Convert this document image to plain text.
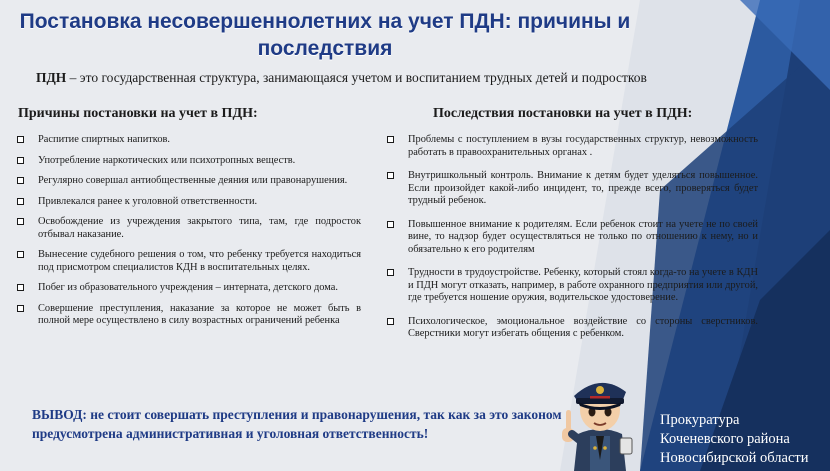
Постановка несовершеннолетних на учет ПДН: причины и последствия
ПДН – это государственная структура, занимающаяся учетом и воспитанием трудных детей и подростков
Причины постановки на учет в ПДН:	Последствия постановки на учет в ПДН:
Распитие спиртных напитков.
Употребление наркотических или психотропных веществ.
Регулярно совершал антиобщественные деяния или правонарушения.
Привлекался ранее к уголовной ответственности.
Освобождение из учреждения закрытого типа, там, где подросток отбывал наказание.
Вынесение судебного решения о том, что ребенку требуется находиться под присмотром специалистов КДН в воспитательных целях.
Побег из образовательного учреждения – интерната, детского дома.
Совершение преступления, наказание за которое не может быть в полной мере осуществлено в силу возрастных ограничений ребенка
Проблемы с поступлением в вузы государственных структур, невозможность работать в правоохранительных органах .
Внутришкольный контроль. Внимание к детям будет уделяться повышенное. Если произойдет какой-либо инцидент, то, прежде всего, проверяться будет трудный ребенок.
Повышенное внимание к родителям. Если ребенок стоит на учете не по своей вине, то надзор будет осуществляться не только по отношению к нему, но и обязательно к его родителям
Трудности в трудоустройстве. Ребенку, который стоял когда-то на учете в КДН и ПДН могут отказать, например, в работе охранного предприятия или другой, где требуется ношение оружия, водительское удостоверение.
Психологическое, эмоциональное воздействие со стороны сверстников. Сверстники могут избегать общения с ребенком.
ВЫВОД: не стоит совершать преступления и правонарушения, так как за это законом предусмотрена административная и уголовная ответственность!
Прокуратура
Коченевского района
Новосибирской области
